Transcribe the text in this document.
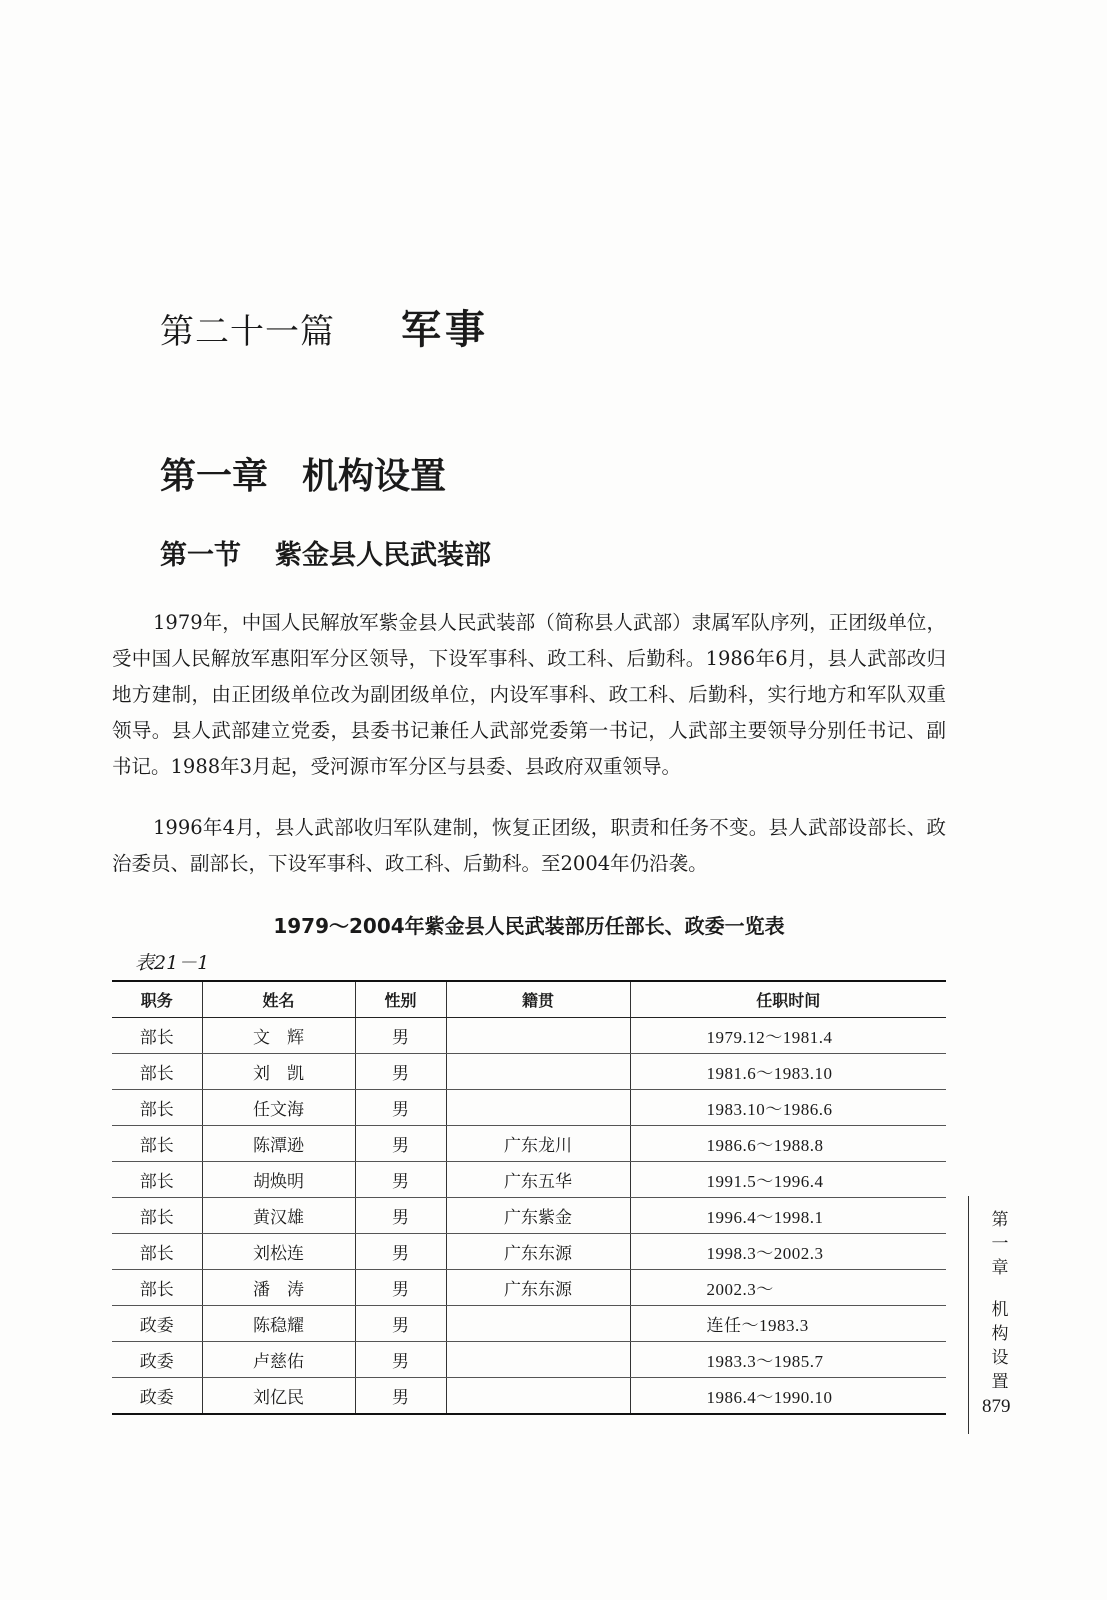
第二十一篇 军事
第一章 机构设置
第一节 紫金县人民武装部

1979年，中国人民解放军紫金县人民武装部（简称县人武部）隶属军队序列，正团级单位，受中国人民解放军惠阳军分区领导，下设军事科、政工科、后勤科。1986年6月，县人武部改归地方建制，由正团级单位改为副团级单位，内设军事科、政工科、后勤科，实行地方和军队双重领导。县人武部建立党委，县委书记兼任人武部党委第一书记，人武部主要领导分别任书记、副书记。1988年3月起，受河源市军分区与县委、县政府双重领导。

1996年4月，县人武部收归军队建制，恢复正团级，职责和任务不变。县人武部设部长、政治委员、副部长，下设军事科、政工科、后勤科。至2004年仍沿袭。

1979～2004年紫金县人民武装部历任部长、政委一览表
表21－1
职务	姓名	性别	籍贯	任职时间
部长	文　辉	男		1979.12～1981.4
部长	刘　凯	男		1981.6～1983.10
部长	任文海	男		1983.10～1986.6
部长	陈潭逊	男	广东龙川	1986.6～1988.8
部长	胡焕明	男	广东五华	1991.5～1996.4
部长	黄汉雄	男	广东紫金	1996.4～1998.1
部长	刘松连	男	广东东源	1998.3～2002.3
部长	潘　涛	男	广东东源	2002.3～
政委	陈稳耀	男		连任～1983.3
政委	卢慈佑	男		1983.3～1985.7
政委	刘亿民	男		1986.4～1990.10
第
一
章
机
构
设
置
879
